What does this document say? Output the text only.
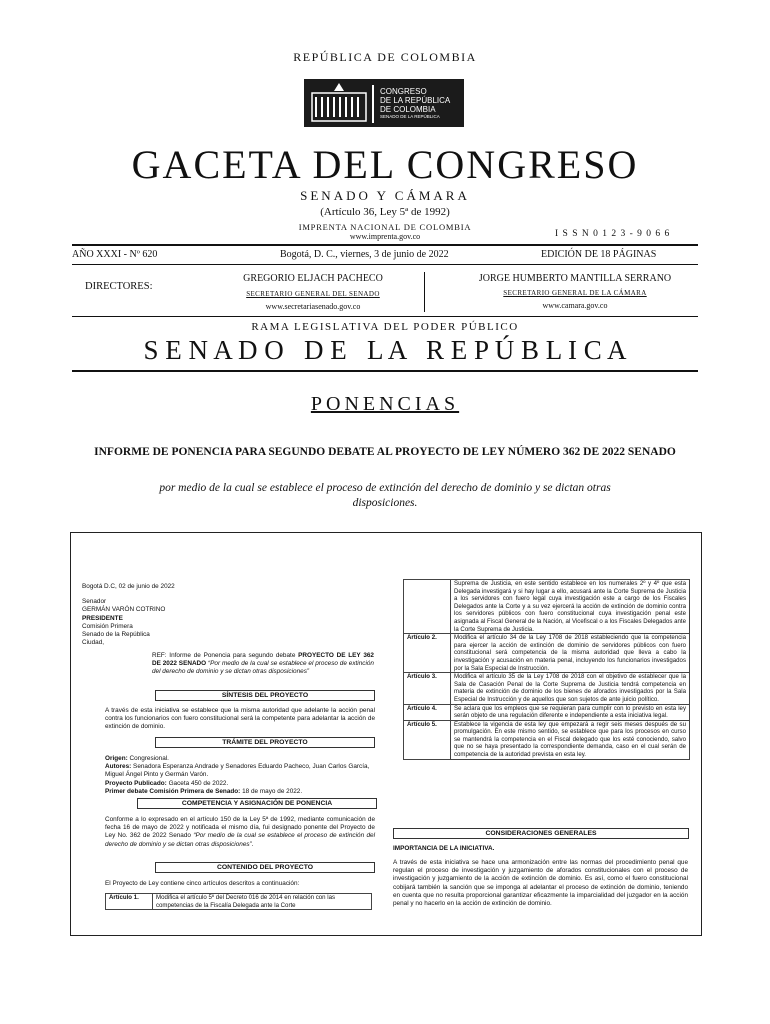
REPÚBLICA DE COLOMBIA
CONGRESO
DE LA REPÚBLICA
DE COLOMBIA
SENADO DE LA REPÚBLICA
GACETA DEL CONGRESO
SENADO Y CÁMARA
(Artículo 36, Ley 5ª de 1992)
IMPRENTA NACIONAL DE COLOMBIA
www.imprenta.gov.co	I S S N 0 1 2 3 - 9 0 6 6
AÑO XXXI - Nº 620	Bogotá, D. C., viernes, 3 de junio de 2022	EDICIÓN DE 18 PÁGINAS
DIRECTORES:
GREGORIO ELJACH PACHECO
SECRETARIO GENERAL DEL SENADO
www.secretariasenado.gov.co
JORGE HUMBERTO MANTILLA SERRANO
SECRETARIO GENERAL DE LA CÁMARA
www.camara.gov.co
RAMA LEGISLATIVA DEL PODER PÚBLICO
S E N A D O   D E   L A   R E P Ú B L I C A
PONENCIAS
INFORME DE PONENCIA PARA SEGUNDO DEBATE AL PROYECTO DE LEY NÚMERO 362 DE 2022 SENADO
por medio de la cual se establece el proceso de extinción del derecho de dominio y se dictan otras disposiciones.

Bogotá D.C, 02 de junio de 2022

Senador

GERMÁN VARÓN COTRINO

PRESIDENTE

Comisión Primera

Senado de la República

Ciudad,

REF: Informe de Ponencia para segundo debate PROYECTO DE LEY 362 DE 2022 SENADO “Por medio de la cual se establece el proceso de extinción del derecho de dominio y se dictan otras disposiciones”
SÍNTESIS DEL PROYECTO
A través de esta iniciativa se establece que la misma autoridad que adelante la acción penal contra los funcionarios con fuero constitucional será la competente para adelantar la acción de extinción de dominio.
TRÁMITE DEL PROYECTO

Origen: Congresional.

Autores: Senadora Esperanza Andrade y Senadores Eduardo Pacheco, Juan Carlos García, Miguel Ángel Pinto y Germán Varón.

Proyecto Publicado: Gaceta 450 de 2022.

Primer debate Comisión Primera de Senado: 18 de mayo de 2022.

COMPETENCIA Y ASIGNACIÓN DE PONENCIA
Conforme a lo expresado en el artículo 150 de la Ley 5ª de 1992, mediante comunicación de fecha 16 de mayo de 2022 y notificada el mismo día, fui designado ponente del Proyecto de Ley No. 362 de 2022 Senado “Por medio de la cual se establece el proceso de extinción del derecho de dominio y se dictan otras disposiciones”.
CONTENIDO DEL PROYECTO
El Proyecto de Ley contiene cinco artículos descritos a continuación:
Artículo 1.	Modifica el artículo 5º del Decreto 016 de 2014 en relación con las competencias de la Fiscalía Delegada ante la Corte
	Suprema de Justicia, en este sentido establece en los numerales 2º y 4º que esta Delegada investigará y si hay lugar a ello, acusará ante la Corte Suprema de Justicia a los servidores con fuero legal cuya investigación este a cargo de los Fiscales Delegados ante la Corte y a su vez ejercerá la acción de extinción de dominio contra los servidores públicos con fuero constitucional cuya investigación penal este asignada al Fiscal General de la Nación, al Vicefiscal o a los Fiscales Delegados ante la Corte Suprema de Justicia.
Artículo 2.	Modifica el artículo 34 de la Ley 1708 de 2018 estableciendo que la competencia para ejercer la acción de extinción de dominio de servidores públicos con fuero constitucional será competencia de la misma autoridad que lleva a cabo la investigación y acusación en materia penal, incluyendo los funcionarios investigados por la Sala Especial de Instrucción.
Artículo 3.	Modifica el artículo 35 de la Ley 1708 de 2018 con el objetivo de establecer que la Sala de Casación Penal de la Corte Suprema de Justicia tendrá competencia en materia de extinción de dominio de los bienes de aforados investigados por la Sala Especial de Instrucción y de aquellos que son sujetos de ante juicio político.
Artículo 4.	Se aclara que los empleos que se requieran para cumplir con lo previsto en esta ley serán objeto de una regulación diferente e independiente a esta iniciativa legal.
Artículo 5.	Establece la vigencia de esta ley que empezará a regir seis meses después de su promulgación. En este mismo sentido, se establece que para los procesos en curso se mantendrá la competencia en el Fiscal delegado que los esté conociendo, salvo que no se haya presentado la correspondiente demanda, caso en el cual serán de competencia de la autoridad prevista en esta ley.
CONSIDERACIONES GENERALES
IMPORTANCIA DE LA INICIATIVA.
A través de esta iniciativa se hace una armonización entre las normas del procedimiento penal que regulan el proceso de investigación y juzgamiento de aforados constitucionales con el proceso de investigación y juzgamiento de la acción de extinción de dominio. Es así, como el fuero constitucional cobijará también la sanción que se imponga al adelantar el proceso de extinción de dominio, teniendo en cuenta que no resulta proporcional garantizar eficazmente la imparcialidad del juzgador en la acción penal y no hacerlo en la acción de extinción de dominio.
